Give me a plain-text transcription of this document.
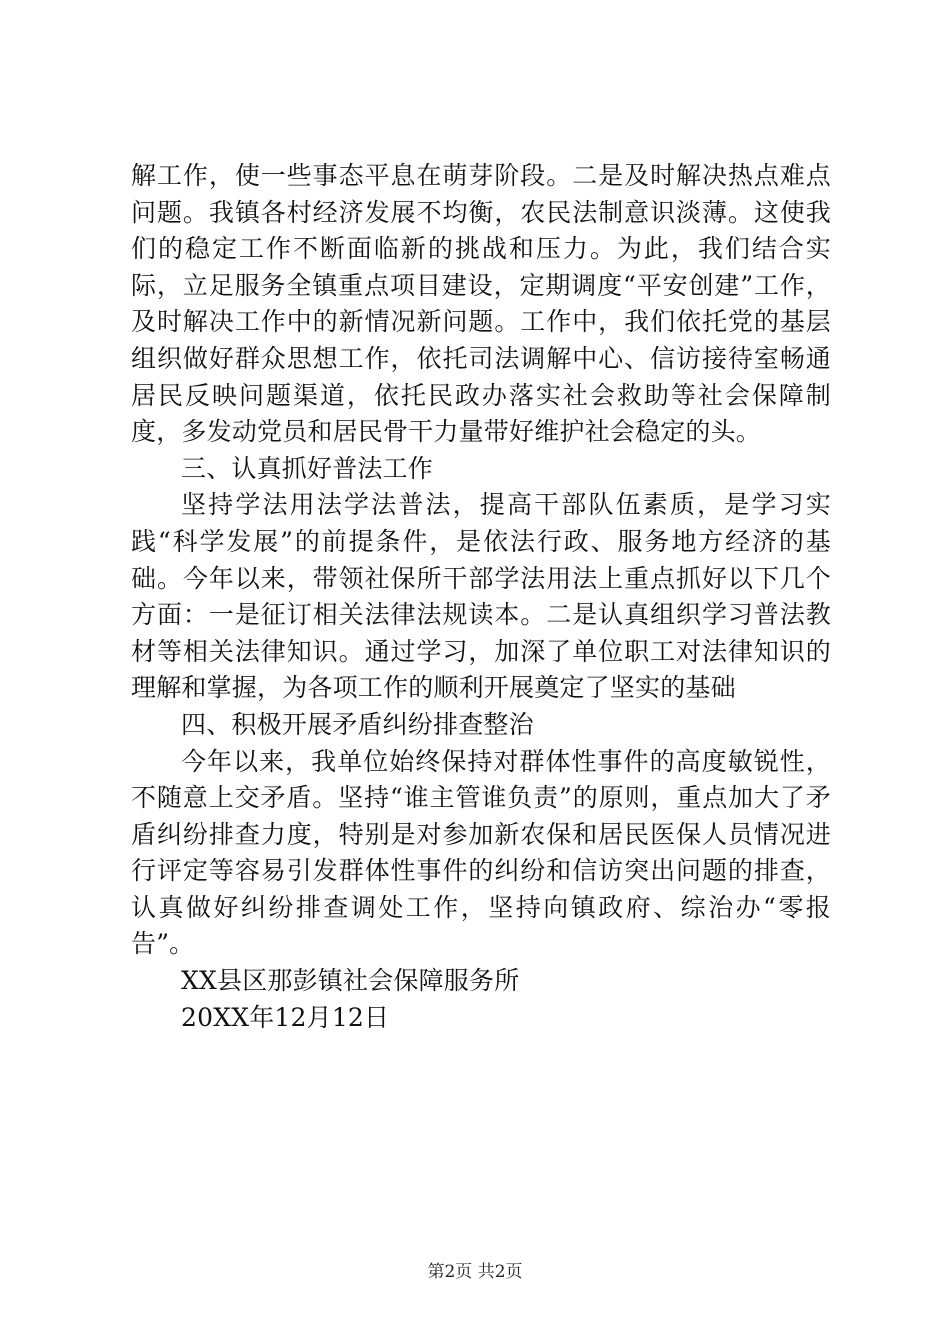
解工作，使一些事态平息在萌芽阶段。二是及时解决热点难点问题。我镇各村经济发展不均衡，农民法制意识淡薄。这使我们的稳定工作不断面临新的挑战和压力。为此，我们结合实际，立足服务全镇重点项目建设，定期调度“平安创建”工作，及时解决工作中的新情况新问题。工作中，我们依托党的基层组织做好群众思想工作，依托司法调解中心、信访接待室畅通居民反映问题渠道，依托民政办落实社会救助等社会保障制度，多发动党员和居民骨干力量带好维护社会稳定的头。

三、认真抓好普法工作

坚持学法用法学法普法，提高干部队伍素质，是学习实践“科学发展”的前提条件，是依法行政、服务地方经济的基础。今年以来，带领社保所干部学法用法上重点抓好以下几个方面：一是征订相关法律法规读本。二是认真组织学习普法教材等相关法律知识。通过学习，加深了单位职工对法律知识的理解和掌握，为各项工作的顺利开展奠定了坚实的基础

四、积极开展矛盾纠纷排查整治

今年以来，我单位始终保持对群体性事件的高度敏锐性，不随意上交矛盾。坚持“谁主管谁负责”的原则，重点加大了矛盾纠纷排查力度，特别是对参加新农保和居民医保人员情况进行评定等容易引发群体性事件的纠纷和信访突出问题的排查，认真做好纠纷排查调处工作，坚持向镇政府、综治办“零报告”。

XX县区那彭镇社会保障服务所

20XX年12月12日

第2页 共2页
